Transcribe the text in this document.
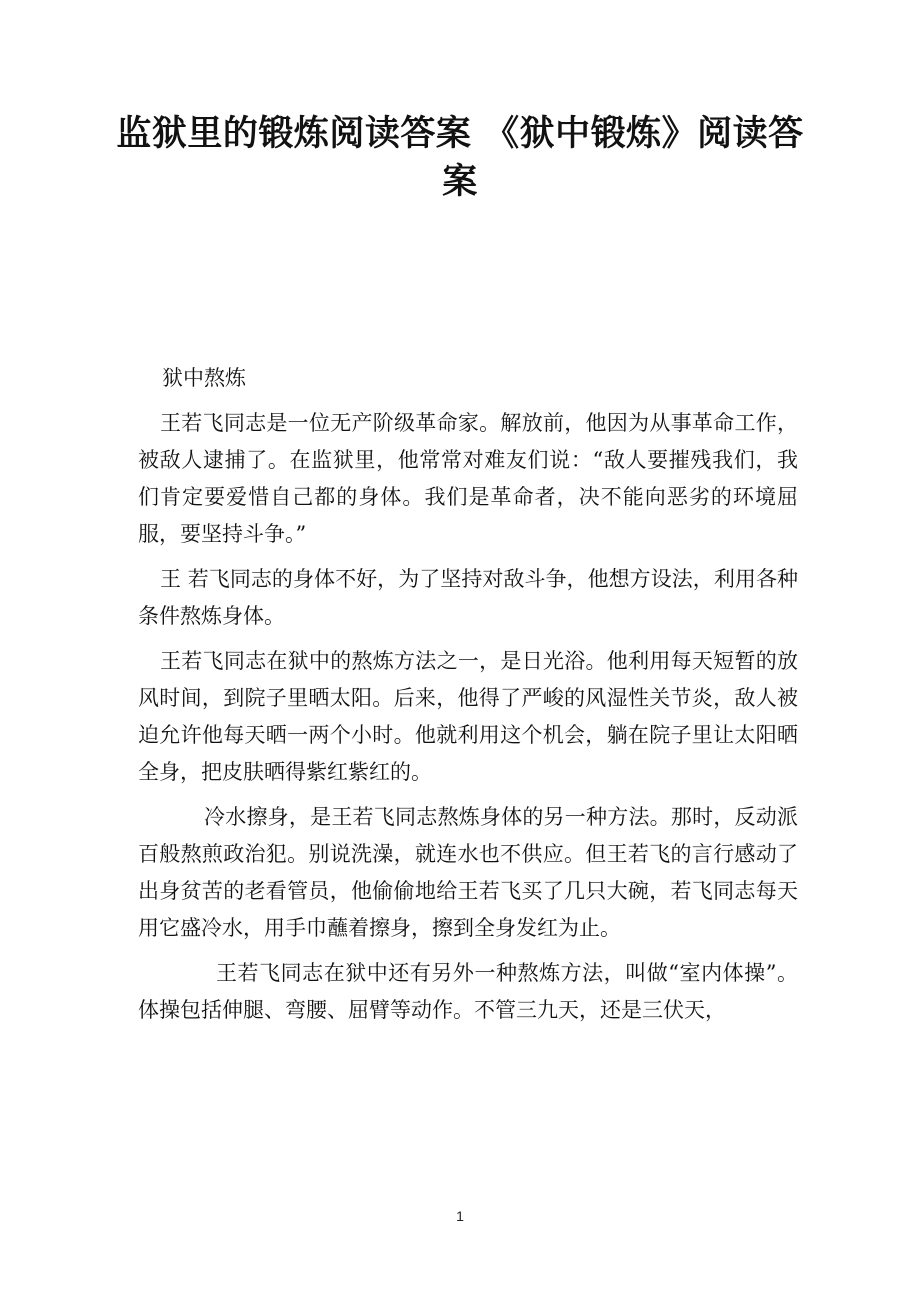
监狱里的锻炼阅读答案 《狱中锻炼》阅读答案

狱中熬炼

王若飞同志是一位无产阶级革命家。解放前，他因为从事革命工作，被敌人逮捕了。在监狱里，他常常对难友们说：“敌人要摧残我们，我们肯定要爱惜自己都的身体。我们是革命者，决不能向恶劣的环境屈服，要坚持斗争。”

王 若飞同志的身体不好，为了坚持对敌斗争，他想方设法，利用各种条件熬炼身体。

王若飞同志在狱中的熬炼方法之一，是日光浴。他利用每天短暂的放风时间，到院子里晒太阳。后来，他得了严峻的风湿性关节炎，敌人被迫允许他每天晒一两个小时。他就利用这个机会，躺在院子里让太阳晒全身，把皮肤晒得紫红紫红的。

冷水擦身，是王若飞同志熬炼身体的另一种方法。那时，反动派百般熬煎政治犯。别说洗澡，就连水也不供应。但王若飞的言行感动了出身贫苦的老看管员，他偷偷地给王若飞买了几只大碗，若飞同志每天用它盛冷水，用手巾蘸着擦身，擦到全身发红为止。

王若飞同志在狱中还有另外一种熬炼方法，叫做“室内体操”。体操包括伸腿、弯腰、屈臂等动作。不管三九天，还是三伏天，

1
